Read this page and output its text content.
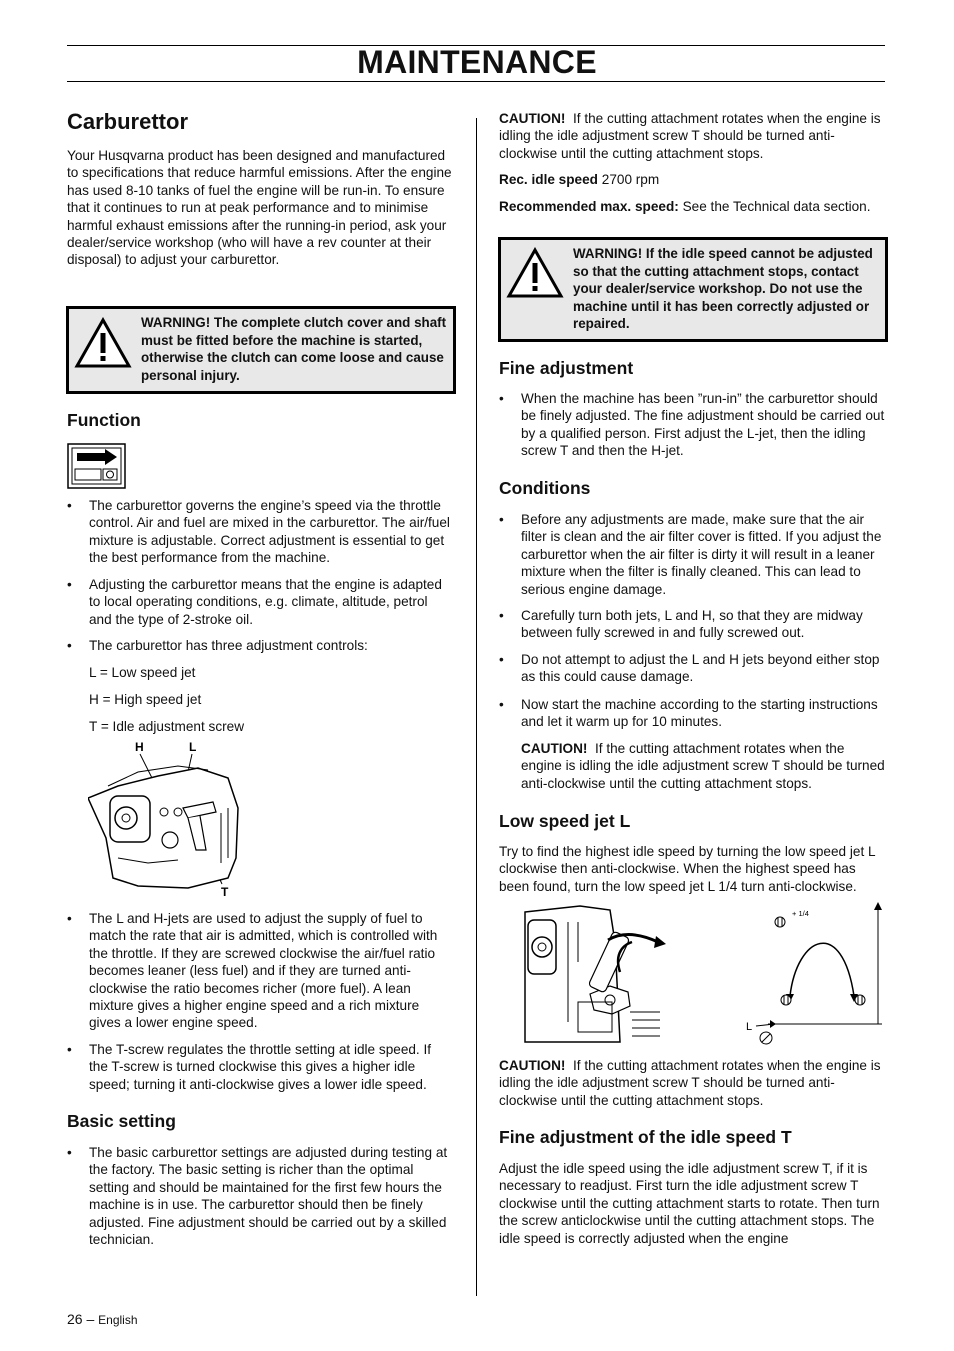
MAINTENANCE
Carburettor

Your Husqvarna product has been designed and manufactured to specifications that reduce harmful emissions. After the engine has used 8-10 tanks of fuel the engine will be run-in. To ensure that it continues to run at peak performance and to minimise harmful exhaust emissions after the running-in period, ask your dealer/service workshop (who will have a rev counter at their disposal) to adjust your carburettor.

WARNING! The complete clutch cover and shaft must be fitted before the machine is started, otherwise the clutch can come loose and cause personal injury.
Function
• The carburettor governs the engine’s speed via the throttle control. Air and fuel are mixed in the carburettor. The air/fuel mixture is adjustable. Correct adjustment is essential to get the best performance from the machine.
• Adjusting the carburettor means that the engine is adapted to local operating conditions, e.g. climate, altitude, petrol and the type of 2-stroke oil.
• The carburettor has three adjustment controls:

L = Low speed jet

H = High speed jet

T = Idle adjustment screw

H	L
T
• The L and H-jets are used to adjust the supply of fuel to match the rate that air is admitted, which is controlled with the throttle. If they are screwed clockwise the air/fuel ratio becomes leaner (less fuel) and if they are turned anti-clockwise the ratio becomes richer (more fuel). A lean mixture gives a higher engine speed and a rich mixture gives a lower engine speed.
• The T-screw regulates the throttle setting at idle speed. If the T-screw is turned clockwise this gives a higher idle speed; turning it anti-clockwise gives a lower idle speed.
Basic setting
• The basic carburettor settings are adjusted during testing at the factory. The basic setting is richer than the optimal setting and should be maintained for the first few hours the machine is in use. The carburettor should then be finely adjusted. Fine adjustment should be carried out by a skilled technician.

CAUTION! If the cutting attachment rotates when the engine is idling the idle adjustment screw T should be turned anti-clockwise until the cutting attachment stops.

Rec. idle speed 2700 rpm

Recommended max. speed: See the Technical data section.

WARNING! If the idle speed cannot be adjusted so that the cutting attachment stops, contact your dealer/service workshop. Do not use the machine until it has been correctly adjusted or repaired.
Fine adjustment
• When the machine has been ”run-in” the carburettor should be finely adjusted. The fine adjustment should be carried out by a qualified person. First adjust the L-jet, then the idling screw T and then the H-jet.
Conditions
• Before any adjustments are made, make sure that the air filter is clean and the air filter cover is fitted. If you adjust the carburettor when the air filter is dirty it will result in a leaner mixture when the filter is finally cleaned. This can lead to serious engine damage.
• Carefully turn both jets, L and H, so that they are midway between fully screwed in and fully screwed out.
• Do not attempt to adjust the L and H jets beyond either stop as this could cause damage.
• Now start the machine according to the starting instructions and let it warm up for 10 minutes.

CAUTION! If the cutting attachment rotates when the engine is idling the idle adjustment screw T should be turned anti-clockwise until the cutting attachment stops.

Low speed jet L

Try to find the highest idle speed by turning the low speed jet L clockwise then anti-clockwise. When the highest speed has been found, turn the low speed jet L 1/4 turn anti-clockwise.

+ 1/4
L

CAUTION! If the cutting attachment rotates when the engine is idling the idle adjustment screw T should be turned anti-clockwise until the cutting attachment stops.

Fine adjustment of the idle speed T

Adjust the idle speed using the idle adjustment screw T, if it is necessary to readjust. First turn the idle adjustment screw T clockwise until the cutting attachment starts to rotate. Then turn the screw anticlockwise until the cutting attachment stops. The idle speed is correctly adjusted when the engine

26 – English
